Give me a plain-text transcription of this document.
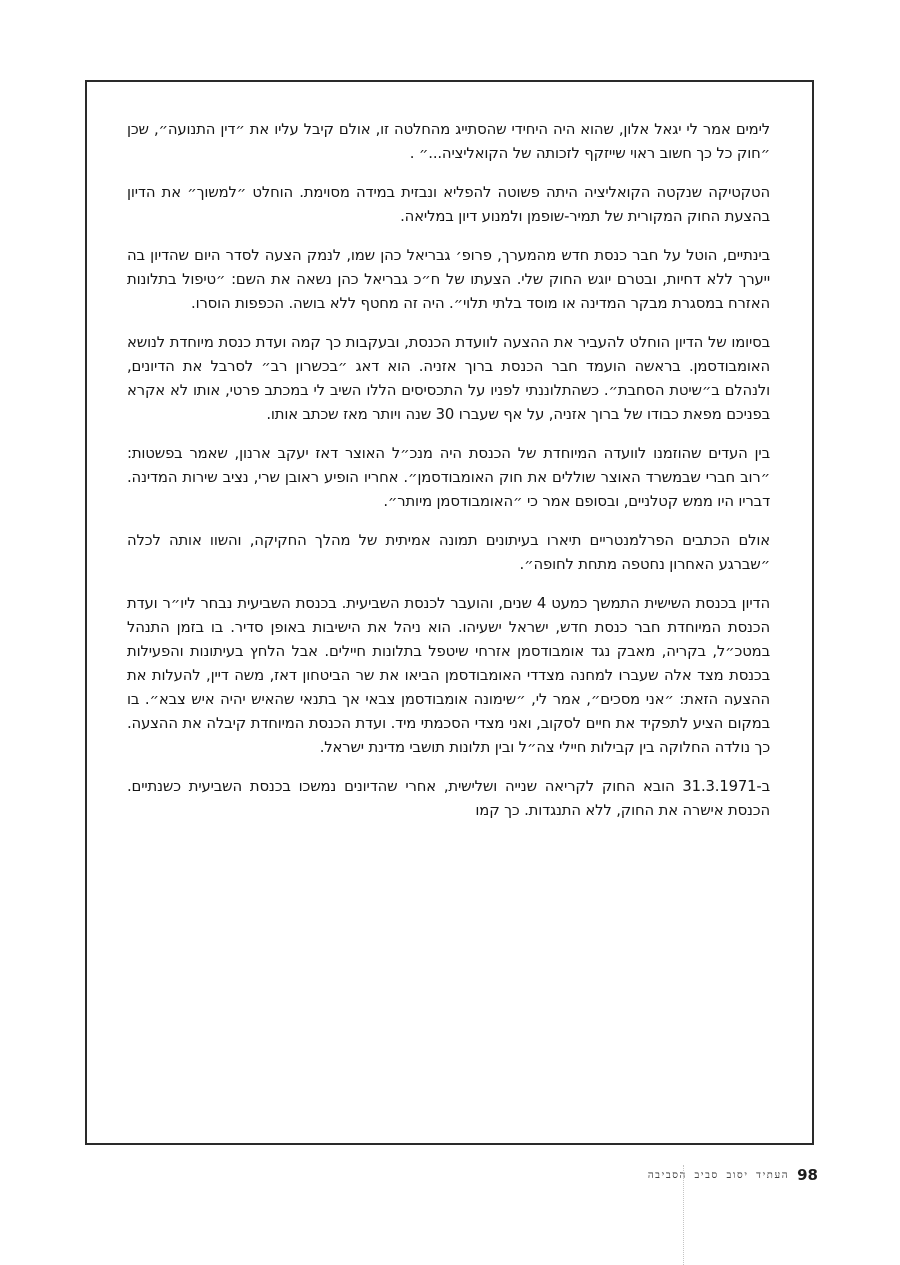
לימים אמר לי יגאל אלון, שהוא היה היחידי שהסתייג מהחלטה זו, אולם קיבל עליו את ״דין התנועה״, שכן ״חוק כל כך חשוב ראוי שייזקף לזכותה של הקואליציה...״ .

הטקטיקה שנקטה הקואליציה היתה פשוטה להפליא ונבזית במידה מסוימת. הוחלט ״למשוך״ את הדיון בהצעת החוק המקורית של תמיר-שופמן ולמנוע דיון במליאה.

בינתיים, הוטל על חבר כנסת חדש מהמערך, פרופ׳ גבריאל כהן שמו, לנמק הצעה לסדר היום שהדיון בה ייערך ללא דחיות, ובטרם יוגש החוק שלי. הצעתו של ח״כ גבריאל כהן נשאה את השם: ״טיפול בתלונות האזרח במסגרת מבקר המדינה או מוסד בלתי תלוי״. היה זה מחטף ללא בושה. הכפפות הוסרו.

בסיומו של הדיון הוחלט להעביר את ההצעה לוועדת הכנסת, ובעקבות כך קמה ועדת כנסת מיוחדת לנושא האומבודסמן. בראשה הועמד חבר הכנסת ברוך אזניה. הוא דאג ״בכשרון רב״ לסרבל את הדיונים, ולנהלם ב״שיטת הסחבת״. כשהתלוננתי לפניו על התכסיסים הללו השיב לי במכתב פרטי, אותו לא אקרא בפניכם מפאת כבודו של ברוך אזניה, על אף שעברו 30 שנה ויותר מאז שכתב אותו.

בין העדים שהוזמנו לוועדה המיוחדת של הכנסת היה מנכ״ל האוצר דאז יעקב ארנון, שאמר בפשטות: ״רוב חברי שבמשרד האוצר שוללים את חוק האומבודסמן״. אחריו הופיע ראובן שרי, נציב שירות המדינה. דבריו היו ממש קטלניים, ובסופם אמר כי ״האומבודסמן מיותר״.

אולם הכתבים הפרלמנטריים תיארו בעיתונים תמונה אמיתית של מהלך החקיקה, והשוו אותה לכלה ״שברגע האחרון נחטפה מתחת לחופה״.

הדיון בכנסת השישית התמשך כמעט 4 שנים, והועבר לכנסת השביעית. בכנסת השביעית נבחר ליו״ר ועדת הכנסת המיוחדת חבר כנסת חדש, ישראל ישעיהו. הוא ניהל את הישיבות באופן סדיר. בו בזמן התנהל במטכ״ל, בקריה, מאבק נגד אומבודסמן אזרחי שיטפל בתלונות חיילים. אבל הלחץ בעיתונות והפעילות בכנסת מצד אלה שעברו למחנה מצדדי האומבודסמן הביאו את שר הביטחון דאז, משה דיין, להעלות את ההצעה הזאת: ״אני מסכים״, אמר לי, ״שימונה אומבודסמן צבאי אך בתנאי שהאיש יהיה איש צבא״. בו במקום הציע לתפקיד את חיים לסקוב, ואני מצדי הסכמתי מיד. ועדת הכנסת המיוחדת קיבלה את ההצעה. כך נולדה החלוקה בין קבילות חיילי צה״ל ובין תלונות תושבי מדינת ישראל.

ב-31.3.1971 הובא החוק לקריאה שנייה ושלישית, אחרי שהדיונים נמשכו בכנסת השביעית כשנתיים. הכנסת אישרה את החוק, ללא התנגדות. כך קמו

98
העתיד יסוב סביב הסביבה
